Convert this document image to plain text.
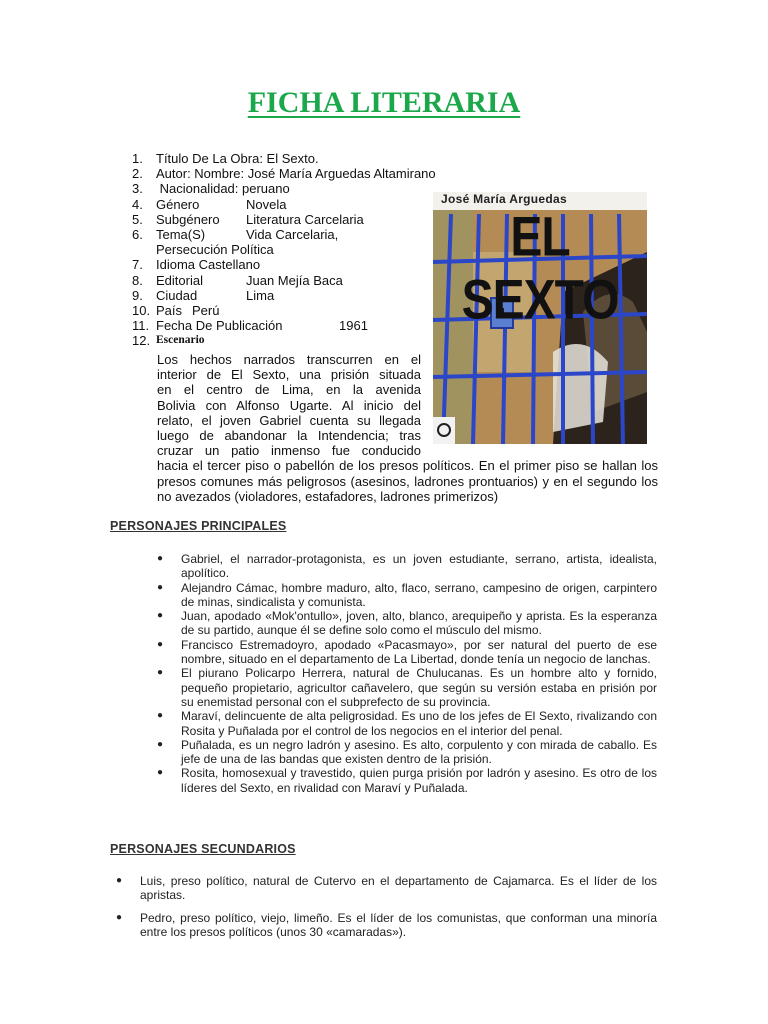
FICHA LITERARIA
1.	Título De La Obra: El Sexto.
2.	Autor: Nombre: José María Arguedas Altamirano
3.	Nacionalidad: peruano
4.	Género	Novela
5.	Subgénero	Literatura Carcelaria
6.	Tema(S)	Vida Carcelaria,
Persecución Política
7.	Idioma Castellano
8.	Editorial	Juan Mejía Baca
9.	Ciudad	Lima
10. País Perú
11. Fecha De Publicación	1961
12. Escenario
Los hechos narrados transcurren en el
interior de El Sexto, una prisión situada
en el centro de Lima, en la avenida
Bolivia con Alfonso Ugarte. Al inicio del
relato, el joven Gabriel cuenta su llegada
luego de abandonar la Intendencia; tras
cruzar un patio inmenso fue conducido
hacia el tercer piso o pabellón de los presos políticos. En el primer piso se hallan los presos comunes más peligrosos (asesinos, ladrones prontuarios) y en el segundo los no avezados (violadores, estafadores, ladrones primerizos)
José María Arguedas
EL SEXTO
PERSONAJES PRINCIPALES
● Gabriel, el narrador-protagonista, es un joven estudiante, serrano, artista, idealista, apolítico.
● Alejandro Cámac, hombre maduro, alto, flaco, serrano, campesino de origen, carpintero de minas, sindicalista y comunista.
● Juan, apodado «Mok'ontullo», joven, alto, blanco, arequipeño y aprista. Es la esperanza de su partido, aunque él se define solo como el músculo del mismo.
● Francisco Estremadoyro, apodado «Pacasmayo», por ser natural del puerto de ese nombre, situado en el departamento de La Libertad, donde tenía un negocio de lanchas.
● El piurano Policarpo Herrera, natural de Chulucanas. Es un hombre alto y fornido, pequeño propietario, agricultor cañavelero, que según su versión estaba en prisión por su enemistad personal con el subprefecto de su provincia.
● Maraví, delincuente de alta peligrosidad. Es uno de los jefes de El Sexto, rivalizando con Rosita y Puñalada por el control de los negocios en el interior del penal.
● Puñalada, es un negro ladrón y asesino. Es alto, corpulento y con mirada de caballo. Es jefe de una de las bandas que existen dentro de la prisión.
● Rosita, homosexual y travestido, quien purga prisión por ladrón y asesino. Es otro de los líderes del Sexto, en rivalidad con Maraví y Puñalada.
PERSONAJES SECUNDARIOS
● Luis, preso político, natural de Cutervo en el departamento de Cajamarca. Es el líder de los apristas.
● Pedro, preso político, viejo, limeño. Es el líder de los comunistas, que conforman una minoría entre los presos políticos (unos 30 «camaradas»).
